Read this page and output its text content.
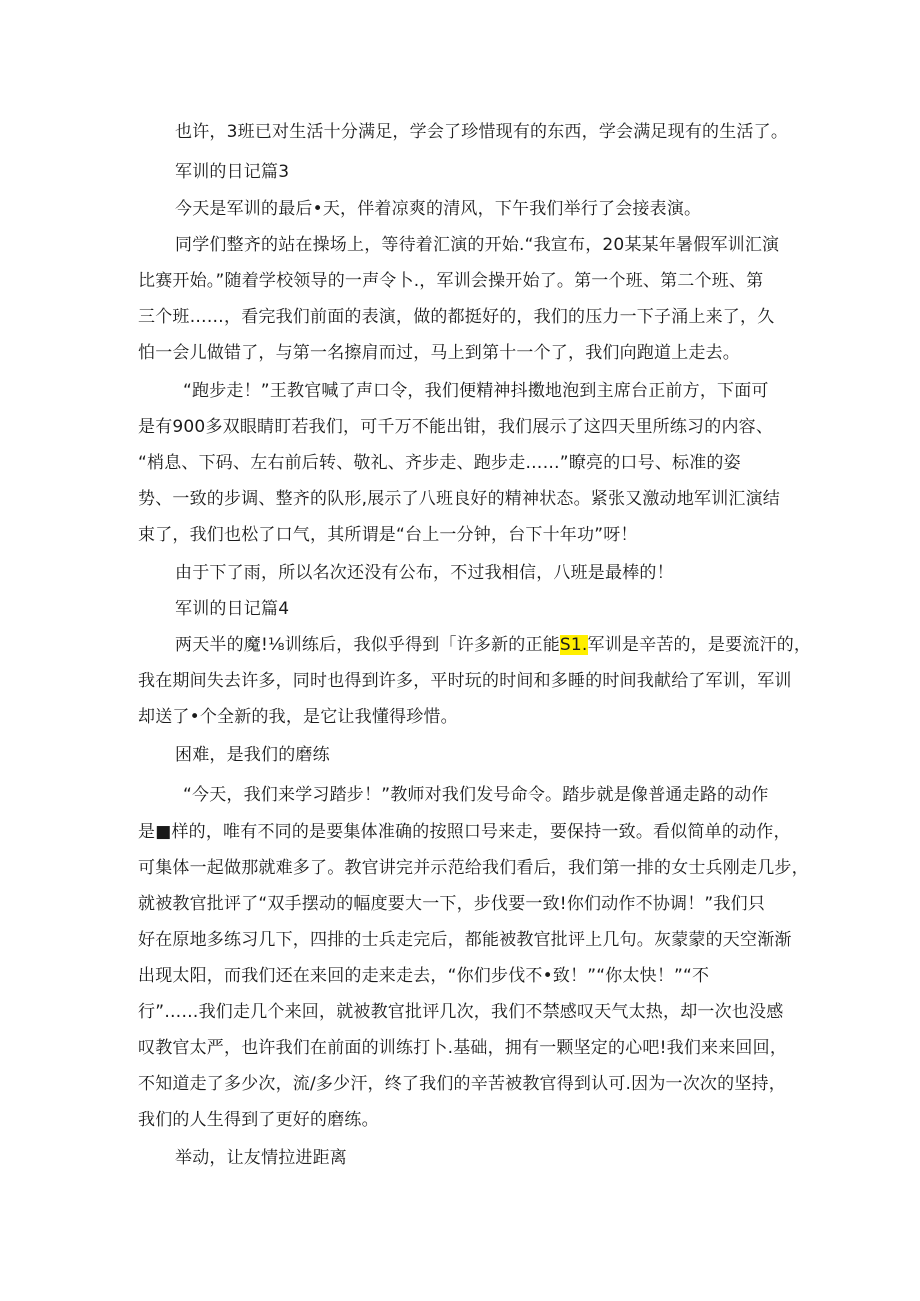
也许，3班已对生活十分满足，学会了珍惜现有的东西，学会满足现有的生活了。
军训的日记篇3
今天是军训的最后•天，伴着凉爽的清风，下午我们举行了会接表演。
同学们整齐的站在操场上，等待着汇演的开始.“我宣布，20某某年暑假军训汇演
比赛开始。”随着学校领导的一声令卜.，军训会操开始了。第一个班、第二个班、第
三个班……，看完我们前面的表演，做的都挺好的，我们的压力一下子涌上来了，久
怕一会儿做错了，与第一名擦肩而过，马上到第十一个了，我们向跑道上走去。
“跑步走！”王教官喊了声口令，我们便精神抖擞地泡到主席台正前方，下面可
是有900多双眼睛盯若我们，可千万不能出钳，我们展示了这四天里所练习的内容、
“梢息、下码、左右前后转、敬礼、齐步走、跑步走……”瞭亮的口号、标准的姿
势、一致的步调、整齐的队形,展示了八班良好的精神状态。紧张又激动地军训汇演结
束了，我们也松了口气，其所谓是“台上一分钟，台下十年功”呀！
由于下了雨，所以名次还没有公布，不过我相信，八班是最棒的！
军训的日记篇4
两天半的魔!⅛训练后，我似乎得到「许多新的正能S1.军训是辛苦的，是要流汗的，
我在期间失去许多，同时也得到许多，平时玩的时间和多睡的时间我献给了军训，军训
却送了•个全新的我，是它让我懂得珍惜。
困难，是我们的磨练
“今天，我们来学习踏步！”教师对我们发号命令。踏步就是像普通走路的动作
是■样的，唯有不同的是要集体准确的按照口号来走，要保持一致。看似简单的动作，
可集体一起做那就难多了。教官讲完并示范给我们看后，我们第一排的女士兵刚走几步，
就被教官批评了“双手摆动的幅度要大一下，步伐要一致!你们动作不协调！”我们只
好在原地多练习几下，四排的士兵走完后，都能被教官批评上几句。灰蒙蒙的天空渐渐
出现太阳，而我们还在来回的走来走去，“你们步伐不•致！”“你太快！”“不
行”……我们走几个来回，就被教官批评几次，我们不禁感叹天气太热，却一次也没感
叹教官太严，也许我们在前面的训练打卜.基础，拥有一颗坚定的心吧!我们来来回回，
不知道走了多少次，流/多少汗，终了我们的辛苦被教官得到认可.因为一次次的坚持，
我们的人生得到了更好的磨练。
举动，让友情拉进距离
